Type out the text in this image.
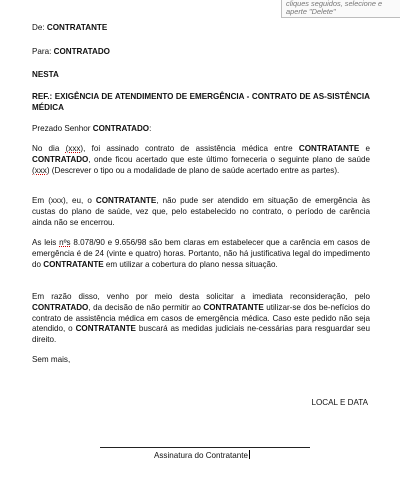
cliques seguidos, selecione e aperte "Delete"
De: CONTRATANTE
Para: CONTRATADO
NESTA
REF.: EXIGÊNCIA DE ATENDIMENTO DE EMERGÊNCIA - CONTRATO DE AS-SISTÊNCIA MÉDICA
Prezado Senhor CONTRATADO:
No dia (xxx), foi assinado contrato de assistência médica entre CONTRATANTE e CONTRATADO, onde ficou acertado que este último forneceria o seguinte plano de saúde (xxx) (Descrever o tipo ou a modalidade de plano de saúde acertado entre as partes).
Em (xxx), eu, o CONTRATANTE, não pude ser atendido em situação de emergência às custas do plano de saúde, vez que, pelo estabelecido no contrato, o período de carência ainda não se encerrou.
As leis nºs 8.078/90 e 9.656/98 são bem claras em estabelecer que a carência em casos de emergência é de 24 (vinte e quatro) horas. Portanto, não há justificativa legal do impedimento do CONTRATANTE em utilizar a cobertura do plano nessa situação.
Em razão disso, venho por meio desta solicitar a imediata reconsideração, pelo CONTRATADO, da decisão de não permitir ao CONTRATANTE utilizar-se dos be-nefícios do contrato de assistência médica em casos de emergência médica. Caso este pedido não seja atendido, o CONTRATANTE buscará as medidas judiciais ne-cessárias para resguardar seu direito.
Sem mais,
LOCAL E DATA
Assinatura do Contratante
